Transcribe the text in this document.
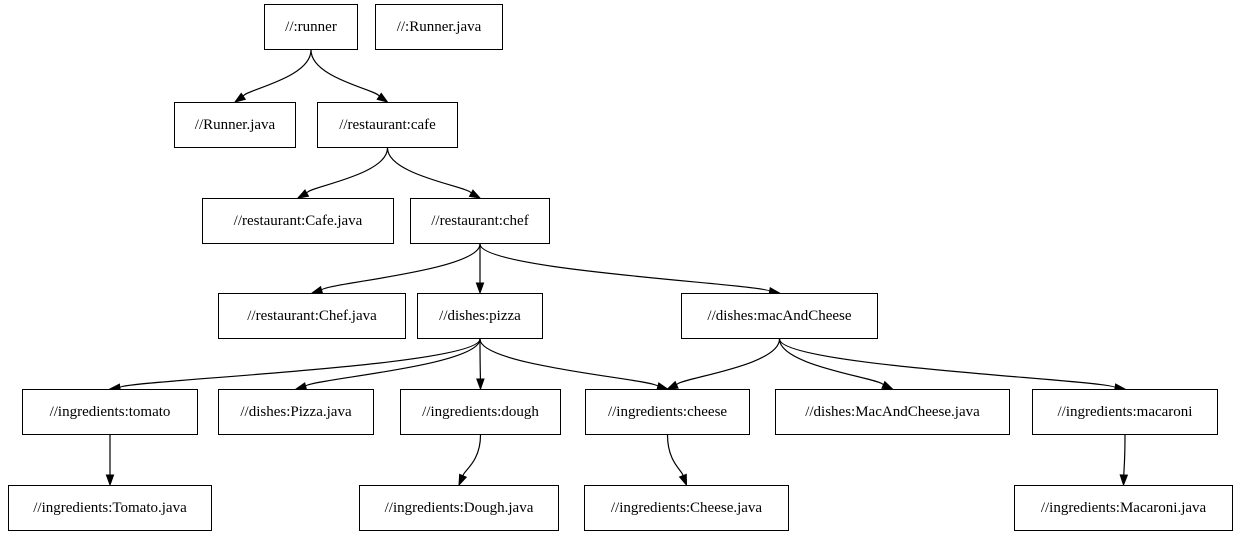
//:runner	//:Runner.java
//Runner.java	//restaurant:cafe
//restaurant:Cafe.java	//restaurant:chef
//restaurant:Chef.java	//dishes:pizza	//dishes:macAndCheese
//ingredients:tomato	//dishes:Pizza.java	//ingredients:dough	//ingredients:cheese	//dishes:MacAndCheese.java	//ingredients:macaroni
//ingredients:Tomato.java	//ingredients:Dough.java	//ingredients:Cheese.java	//ingredients:Macaroni.java
